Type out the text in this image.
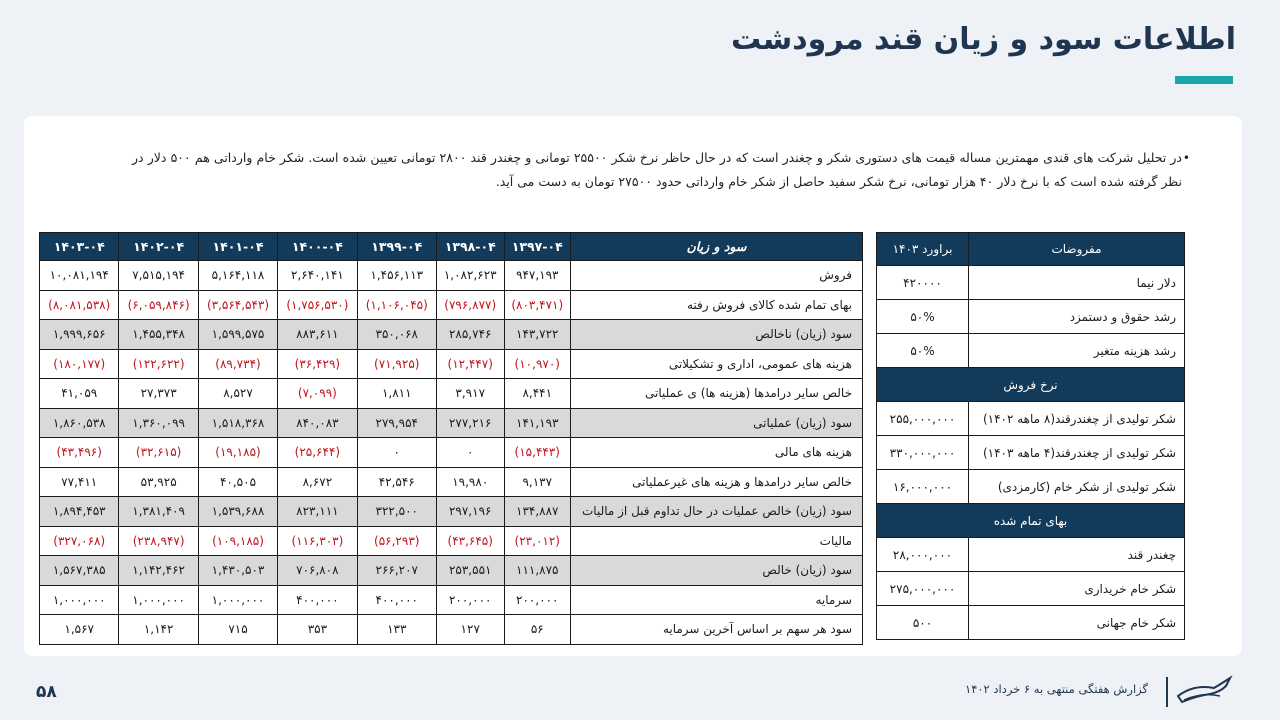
اطلاعات سود و زیان قند مرودشت
•
در تحلیل شرکت های قندی مهمترین مساله قیمت های دستوری شکر و چغندر است که در حال حاظر نرخ شکر ۲۵۵۰۰ تومانی و چغندر قند ۲۸۰۰ تومانی تعیین شده است. شکر خام وارداتی هم ۵۰۰ دلار در نظر گرفته شده است که با نرخ دلار ۴۰ هزار تومانی، نرخ شکر سفید حاصل از شکر خام وارداتی حدود ۲۷۵۰۰ تومان به دست می آید.
سود و زیان	۱۳۹۷-۰۴	۱۳۹۸-۰۴	۱۳۹۹-۰۴	۱۴۰۰-۰۴	۱۴۰۱-۰۴	۱۴۰۲-۰۴	۱۴۰۳-۰۴
فروش	۹۴۷,۱۹۳	۱,۰۸۲,۶۲۳	۱,۴۵۶,۱۱۳	۲,۶۴۰,۱۴۱	۵,۱۶۴,۱۱۸	۷,۵۱۵,۱۹۴	۱۰,۰۸۱,۱۹۴
بهای تمام شده کالای فروش رفته	(۸۰۳,۴۷۱)	(۷۹۶,۸۷۷)	(۱,۱۰۶,۰۴۵)	(۱,۷۵۶,۵۳۰)	(۳,۵۶۴,۵۴۳)	(۶,۰۵۹,۸۴۶)	(۸,۰۸۱,۵۳۸)
سود (زیان) ناخالص	۱۴۳,۷۲۲	۲۸۵,۷۴۶	۳۵۰,۰۶۸	۸۸۳,۶۱۱	۱,۵۹۹,۵۷۵	۱,۴۵۵,۳۴۸	۱,۹۹۹,۶۵۶
هزینه های عمومی، اداری و تشکیلاتی	(۱۰,۹۷۰)	(۱۲,۴۴۷)	(۷۱,۹۲۵)	(۳۶,۴۲۹)	(۸۹,۷۳۴)	(۱۲۲,۶۲۲)	(۱۸۰,۱۷۷)
خالص سایر درامدها (هزینه ها) ی عملیاتی	۸,۴۴۱	۳,۹۱۷	۱,۸۱۱	(۷,۰۹۹)	۸,۵۲۷	۲۷,۳۷۳	۴۱,۰۵۹
سود (زیان) عملیاتی	۱۴۱,۱۹۳	۲۷۷,۲۱۶	۲۷۹,۹۵۴	۸۴۰,۰۸۳	۱,۵۱۸,۳۶۸	۱,۳۶۰,۰۹۹	۱,۸۶۰,۵۳۸
هزینه های مالی	(۱۵,۴۴۳)	۰	۰	(۲۵,۶۴۴)	(۱۹,۱۸۵)	(۳۲,۶۱۵)	(۴۳,۴۹۶)
خالص سایر درامدها و هزینه های غیرعملیاتی	۹,۱۳۷	۱۹,۹۸۰	۴۲,۵۴۶	۸,۶۷۲	۴۰,۵۰۵	۵۳,۹۲۵	۷۷,۴۱۱
سود (زیان) خالص عملیات در حال تداوم قبل از مالیات	۱۳۴,۸۸۷	۲۹۷,۱۹۶	۳۲۲,۵۰۰	۸۲۳,۱۱۱	۱,۵۳۹,۶۸۸	۱,۳۸۱,۴۰۹	۱,۸۹۴,۴۵۳
مالیات	(۲۳,۰۱۲)	(۴۳,۶۴۵)	(۵۶,۲۹۳)	(۱۱۶,۳۰۳)	(۱۰۹,۱۸۵)	(۲۳۸,۹۴۷)	(۳۲۷,۰۶۸)
سود (زیان) خالص	۱۱۱,۸۷۵	۲۵۳,۵۵۱	۲۶۶,۲۰۷	۷۰۶,۸۰۸	۱,۴۳۰,۵۰۳	۱,۱۴۲,۴۶۲	۱,۵۶۷,۳۸۵
سرمایه	۲۰۰,۰۰۰	۲۰۰,۰۰۰	۴۰۰,۰۰۰	۴۰۰,۰۰۰	۱,۰۰۰,۰۰۰	۱,۰۰۰,۰۰۰	۱,۰۰۰,۰۰۰
سود هر سهم بر اساس آخرین سرمایه	۵۶	۱۲۷	۱۳۳	۳۵۳	۷۱۵	۱,۱۴۲	۱,۵۶۷
مفروضات	براورد ۱۴۰۳
دلار نیما	۴۲۰۰۰۰
رشد حقوق و دستمزد	۵۰%
رشد هزینه متغیر	۵۰%
نرخ فروش	
شکر تولیدی از چغندرقند(۸ ماهه ۱۴۰۲)	۲۵۵,۰۰۰,۰۰۰
شکر تولیدی از چغندرقند(۴ ماهه ۱۴۰۳)	۳۳۰,۰۰۰,۰۰۰
شکر تولیدی از شکر خام (کارمزدی)	۱۶,۰۰۰,۰۰۰
بهای تمام شده	
چغندر قند	۲۸,۰۰۰,۰۰۰
شکر خام خریداری	۲۷۵,۰۰۰,۰۰۰
شکر خام جهانی	۵۰۰
۵۸	گزارش هفتگی منتهی به ۶ خرداد ۱۴۰۲
